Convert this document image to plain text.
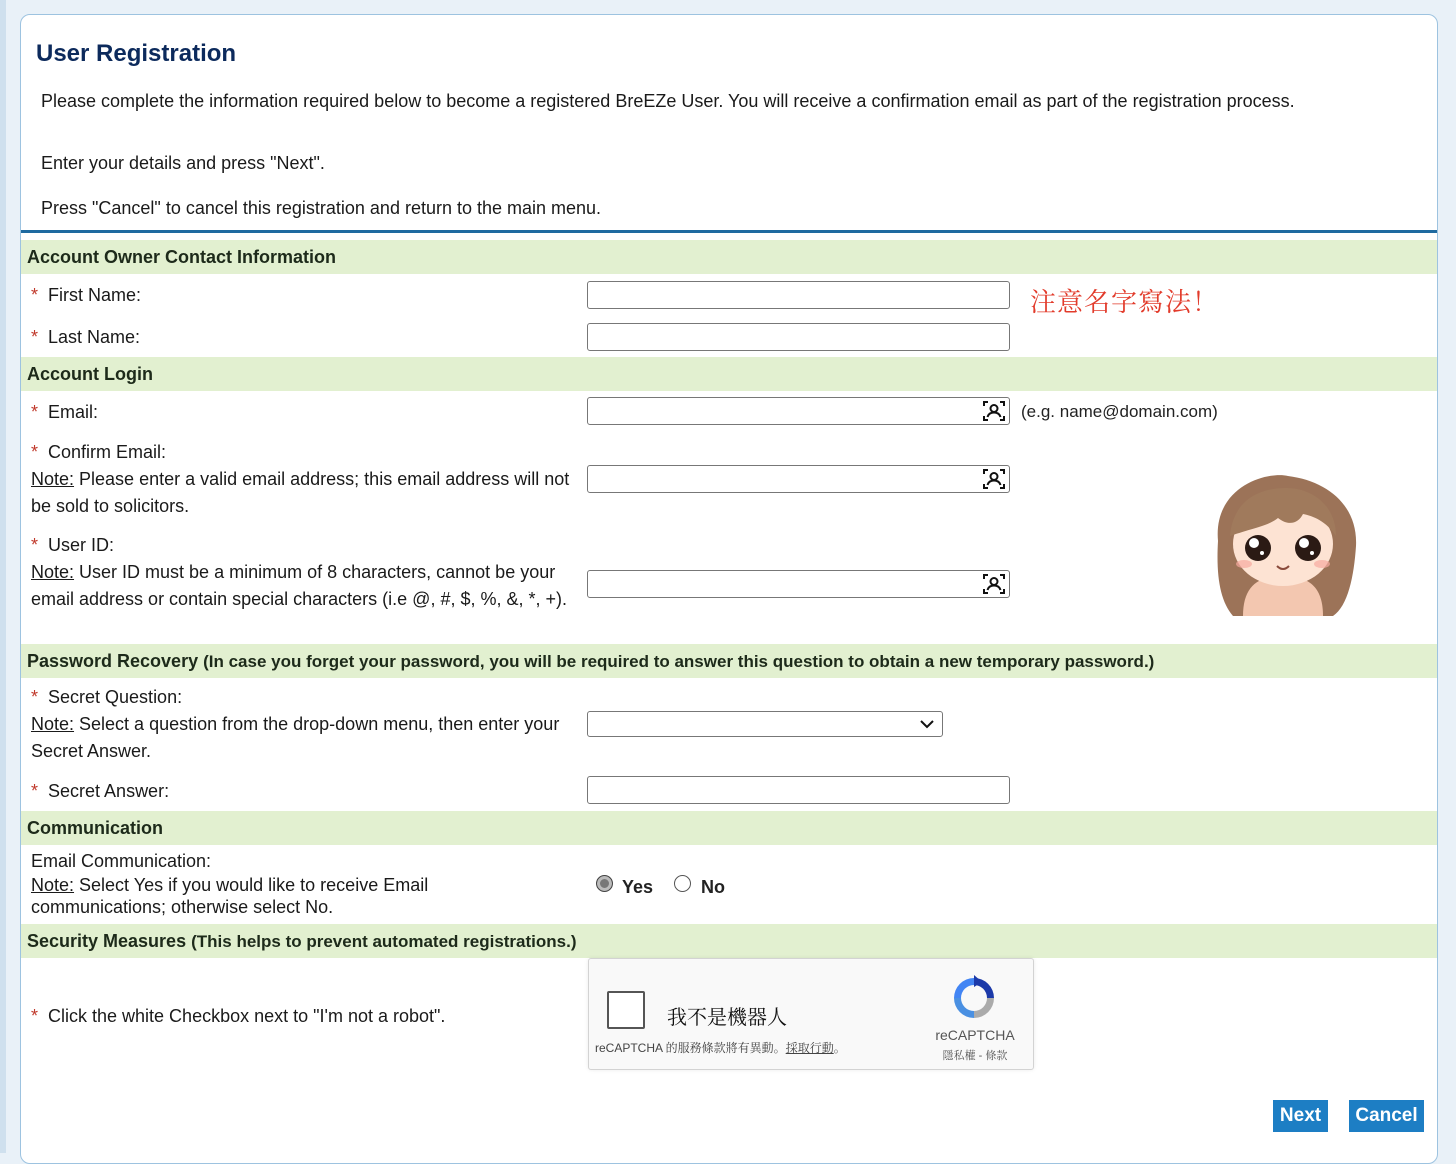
User Registration
Please complete the information required below to become a registered BreEZe User. You will receive a confirmation email as part of the registration process.
Enter your details and press "Next".
Press "Cancel" to cancel this registration and return to the main menu.
Account Owner Contact Information
* First Name:	注意名字寫法！
* Last Name:
Account Login
* Email:	(e.g. name@domain.com)
* Confirm Email:
Note: Please enter a valid email address; this email address will not be sold to solicitors.
* User ID:
Note: User ID must be a minimum of 8 characters, cannot be your email address or contain special characters (i.e @, #, $, %, &, *, +).
Password Recovery (In case you forget your password, you will be required to answer this question to obtain a new temporary password.)
* Secret Question:
Note: Select a question from the drop-down menu, then enter your Secret Answer.
* Secret Answer:
Communication
Email Communication:
Note: Select Yes if you would like to receive Email communications; otherwise select No.
Yes	No
Security Measures (This helps to prevent automated registrations.)
* Click the white Checkbox next to "I'm not a robot".	我不是機器人
reCAPTCHA 的服務條款將有異動。採取行動。
reCAPTCHA
隱私權 - 條款
Next	Cancel
